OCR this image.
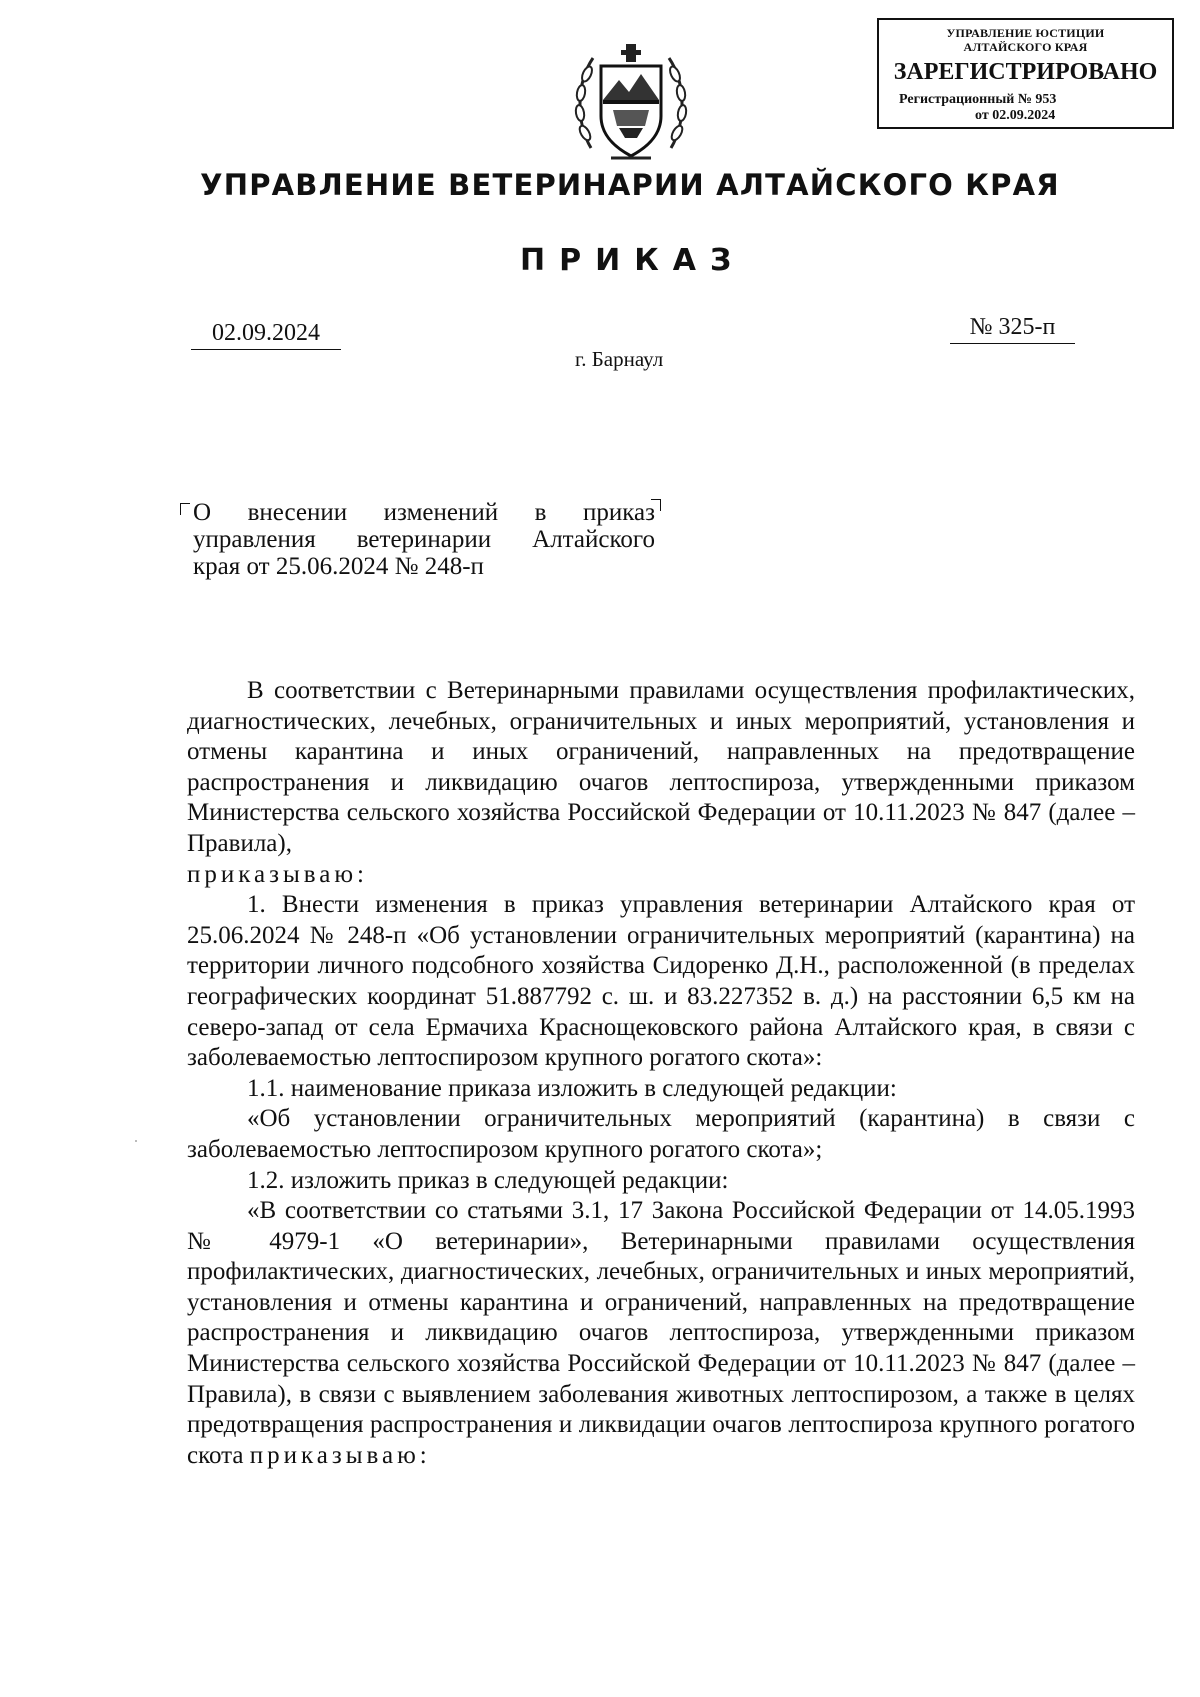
УПРАВЛЕНИЕ ЮСТИЦИИ
АЛТАЙСКОГО КРАЯ
ЗАРЕГИСТРИРОВАНО
Регистрационный № 953
от 02.09.2024
УПРАВЛЕНИЕ ВЕТЕРИНАРИИ АЛТАЙСКОГО КРАЯ
ПРИКАЗ
02.09.2024	№ 325-п
г. Барнаул
О внесении изменений в приказ
управления ветеринарии Алтайского
края от 25.06.2024 № 248-п

В соответствии с Ветеринарными правилами осуществления профилактических, диагностических, лечебных, ограничительных и иных мероприятий, установления и отмены карантина и иных ограничений, направленных на предотвращение распространения и ликвидацию очагов лептоспироза, утвержденными приказом Министерства сельского хозяйства Российской Федерации от 10.11.2023 № 847 (далее – Правила),

приказываю:

1. Внести изменения в приказ управления ветеринарии Алтайского края от 25.06.2024 № 248-п «Об установлении ограничительных мероприятий (карантина) на территории личного подсобного хозяйства Сидоренко Д.Н., расположенной (в пределах географических координат 51.887792 с. ш. и 83.227352 в. д.) на расстоянии 6,5 км на северо-запад от села Ермачиха Краснощековского района Алтайского края, в связи с заболеваемостью лептоспирозом крупного рогатого скота»:

1.1. наименование приказа изложить в следующей редакции:

«Об установлении ограничительных мероприятий (карантина) в связи с заболеваемостью лептоспирозом крупного рогатого скота»;

1.2. изложить приказ в следующей редакции:

«В соответствии со статьями 3.1, 17 Закона Российской Федерации от 14.05.1993 № 4979-1 «О ветеринарии», Ветеринарными правилами осуществления профилактических, диагностических, лечебных, ограничительных и иных мероприятий, установления и отмены карантина и ограничений, направленных на предотвращение распространения и ликвидацию очагов лептоспироза, утвержденными приказом Министерства сельского хозяйства Российской Федерации от 10.11.2023 № 847 (далее – Правила), в связи с выявлением заболевания животных лептоспирозом, а также в целях предотвращения распространения и ликвидации очагов лептоспироза крупного рогатого скота приказываю:
